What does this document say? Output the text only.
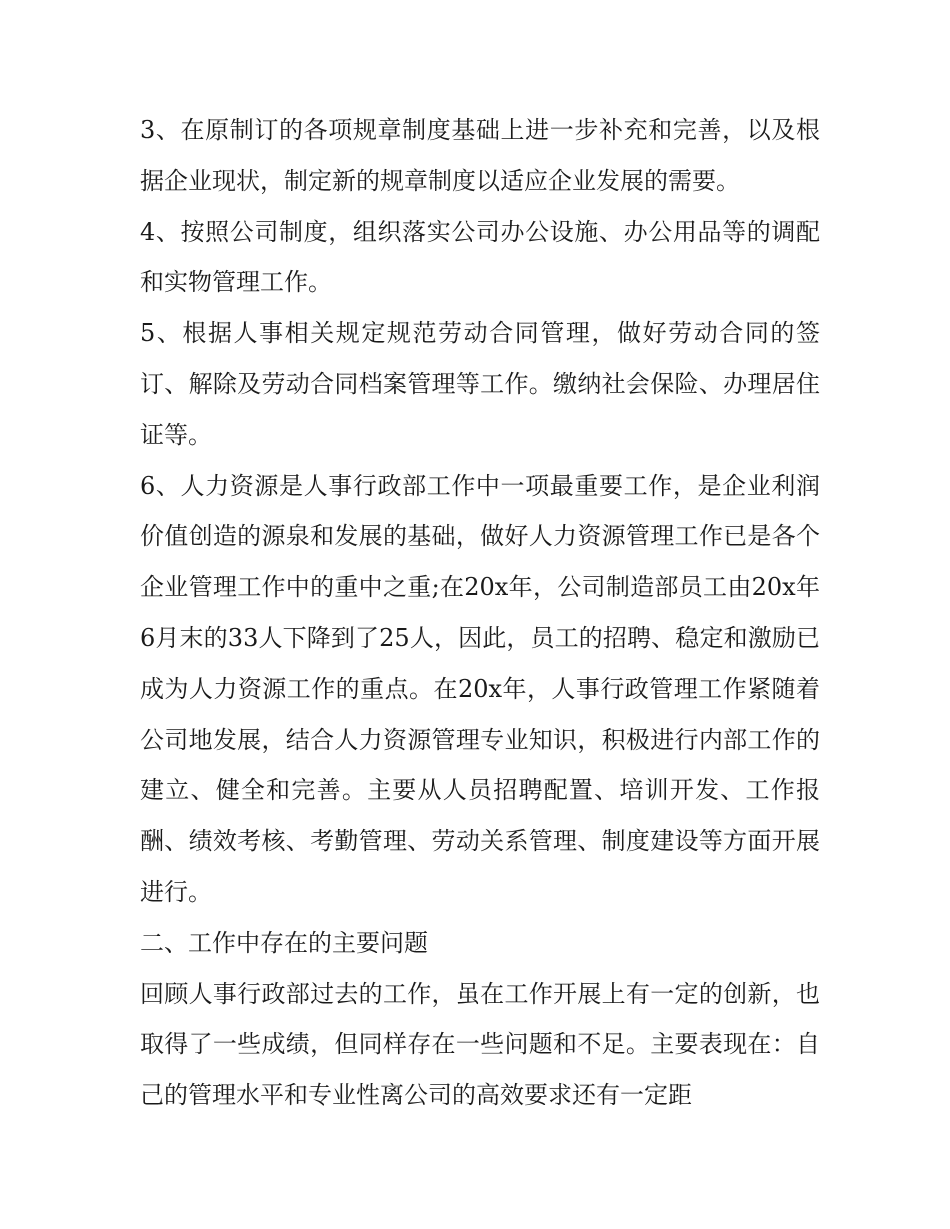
3、在原制订的各项规章制度基础上进一步补充和完善，以及根据企业现状，制定新的规章制度以适应企业发展的需要。

4、按照公司制度，组织落实公司办公设施、办公用品等的调配和实物管理工作。

5、根据人事相关规定规范劳动合同管理，做好劳动合同的签订、解除及劳动合同档案管理等工作。缴纳社会保险、办理居住证等。

6、人力资源是人事行政部工作中一项最重要工作，是企业利润价值创造的源泉和发展的基础，做好人力资源管理工作已是各个企业管理工作中的重中之重;在20x年，公司制造部员工由20x年6月末的33人下降到了25人，因此，员工的招聘、稳定和激励已成为人力资源工作的重点。在20x年，人事行政管理工作紧随着公司地发展，结合人力资源管理专业知识，积极进行内部工作的建立、健全和完善。主要从人员招聘配置、培训开发、工作报酬、绩效考核、考勤管理、劳动关系管理、制度建设等方面开展进行。

二、工作中存在的主要问题

回顾人事行政部过去的工作，虽在工作开展上有一定的创新，也取得了一些成绩，但同样存在一些问题和不足。主要表现在：自己的管理水平和专业性离公司的高效要求还有一定距
